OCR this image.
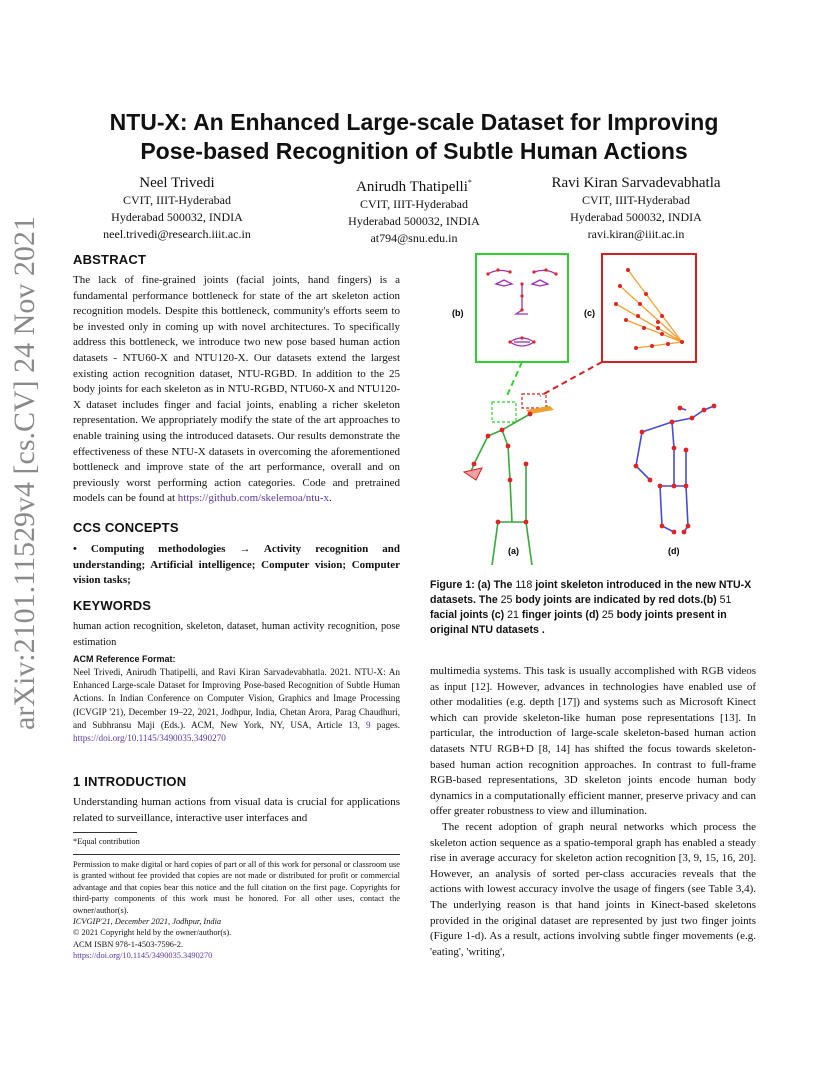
arXiv:2101.11529v4 [cs.CV] 24 Nov 2021
NTU-X: An Enhanced Large-scale Dataset for Improving
Pose-based Recognition of Subtle Human Actions
Neel Trivedi
CVIT, IIIT-Hyderabad
Hyderabad 500032, INDIA
neel.trivedi@research.iiit.ac.in
Anirudh Thatipelli*
CVIT, IIIT-Hyderabad
Hyderabad 500032, INDIA
at794@snu.edu.in
Ravi Kiran Sarvadevabhatla
CVIT, IIIT-Hyderabad
Hyderabad 500032, INDIA
ravi.kiran@iiit.ac.in
ABSTRACT

The lack of fine-grained joints (facial joints, hand fingers) is a fundamental performance bottleneck for state of the art skeleton action recognition models. Despite this bottleneck, community's efforts seem to be invested only in coming up with novel architectures. To specifically address this bottleneck, we introduce two new pose based human action datasets - NTU60-X and NTU120-X. Our datasets extend the largest existing action recognition dataset, NTU-RGBD. In addition to the 25 body joints for each skeleton as in NTU-RGBD, NTU60-X and NTU120-X dataset includes finger and facial joints, enabling a richer skeleton representation. We appropriately modify the state of the art approaches to enable training using the introduced datasets. Our results demonstrate the effectiveness of these NTU-X datasets in overcoming the aforementioned bottleneck and improve state of the art performance, overall and on previously worst performing action categories. Code and pretrained models can be found at https://github.com/skelemoa/ntu-x.

CCS CONCEPTS

• Computing methodologies → Activity recognition and understanding; Artificial intelligence; Computer vision; Computer vision tasks;

KEYWORDS

human action recognition, skeleton, dataset, human activity recognition, pose estimation

ACM Reference Format:

Neel Trivedi, Anirudh Thatipelli, and Ravi Kiran Sarvadevabhatla. 2021. NTU-X: An Enhanced Large-scale Dataset for Improving Pose-based Recognition of Subtle Human Actions. In Indian Conference on Computer Vision, Graphics and Image Processing (ICVGIP '21), December 19–22, 2021, Jodhpur, India, Chetan Arora, Parag Chaudhuri, and Subhransu Maji (Eds.). ACM, New York, NY, USA, Article 13, 9 pages. https://doi.org/10.1145/3490035.3490270

1 INTRODUCTION

Understanding human actions from visual data is crucial for applications related to surveillance, interactive user interfaces and

*Equal contribution

Permission to make digital or hard copies of part or all of this work for personal or classroom use is granted without fee provided that copies are not made or distributed for profit or commercial advantage and that copies bear this notice and the full citation on the first page. Copyrights for third-party components of this work must be honored. For all other uses, contact the owner/author(s).

ICVGIP'21, December 2021, Jodhpur, India

© 2021 Copyright held by the owner/author(s).

ACM ISBN 978-1-4503-7596-2.

https://doi.org/10.1145/3490035.3490270

(b)	(c)
(a)	(d)

Figure 1: (a) The 118 joint skeleton introduced in the new NTU-X datasets. The 25 body joints are indicated by red dots.(b) 51 facial joints (c) 21 finger joints (d) 25 body joints present in original NTU datasets .

multimedia systems. This task is usually accomplished with RGB videos as input [12]. However, advances in technologies have enabled use of other modalities (e.g. depth [17]) and systems such as Microsoft Kinect which can provide skeleton-like human pose representations [13]. In particular, the introduction of large-scale skeleton-based human action datasets NTU RGB+D [8, 14] has shifted the focus towards skeleton-based human action recognition approaches. In contrast to full-frame RGB-based representations, 3D skeleton joints encode human body dynamics in a computationally efficient manner, preserve privacy and can offer greater robustness to view and illumination.

The recent adoption of graph neural networks which process the skeleton action sequence as a spatio-temporal graph has enabled a steady rise in average accuracy for skeleton action recognition [3, 9, 15, 16, 20]. However, an analysis of sorted per-class accuracies reveals that the actions with lowest accuracy involve the usage of fingers (see Table 3,4). The underlying reason is that hand joints in Kinect-based skeletons provided in the original dataset are represented by just two finger joints (Figure 1-d). As a result, actions involving subtle finger movements (e.g. 'eating', 'writing',
